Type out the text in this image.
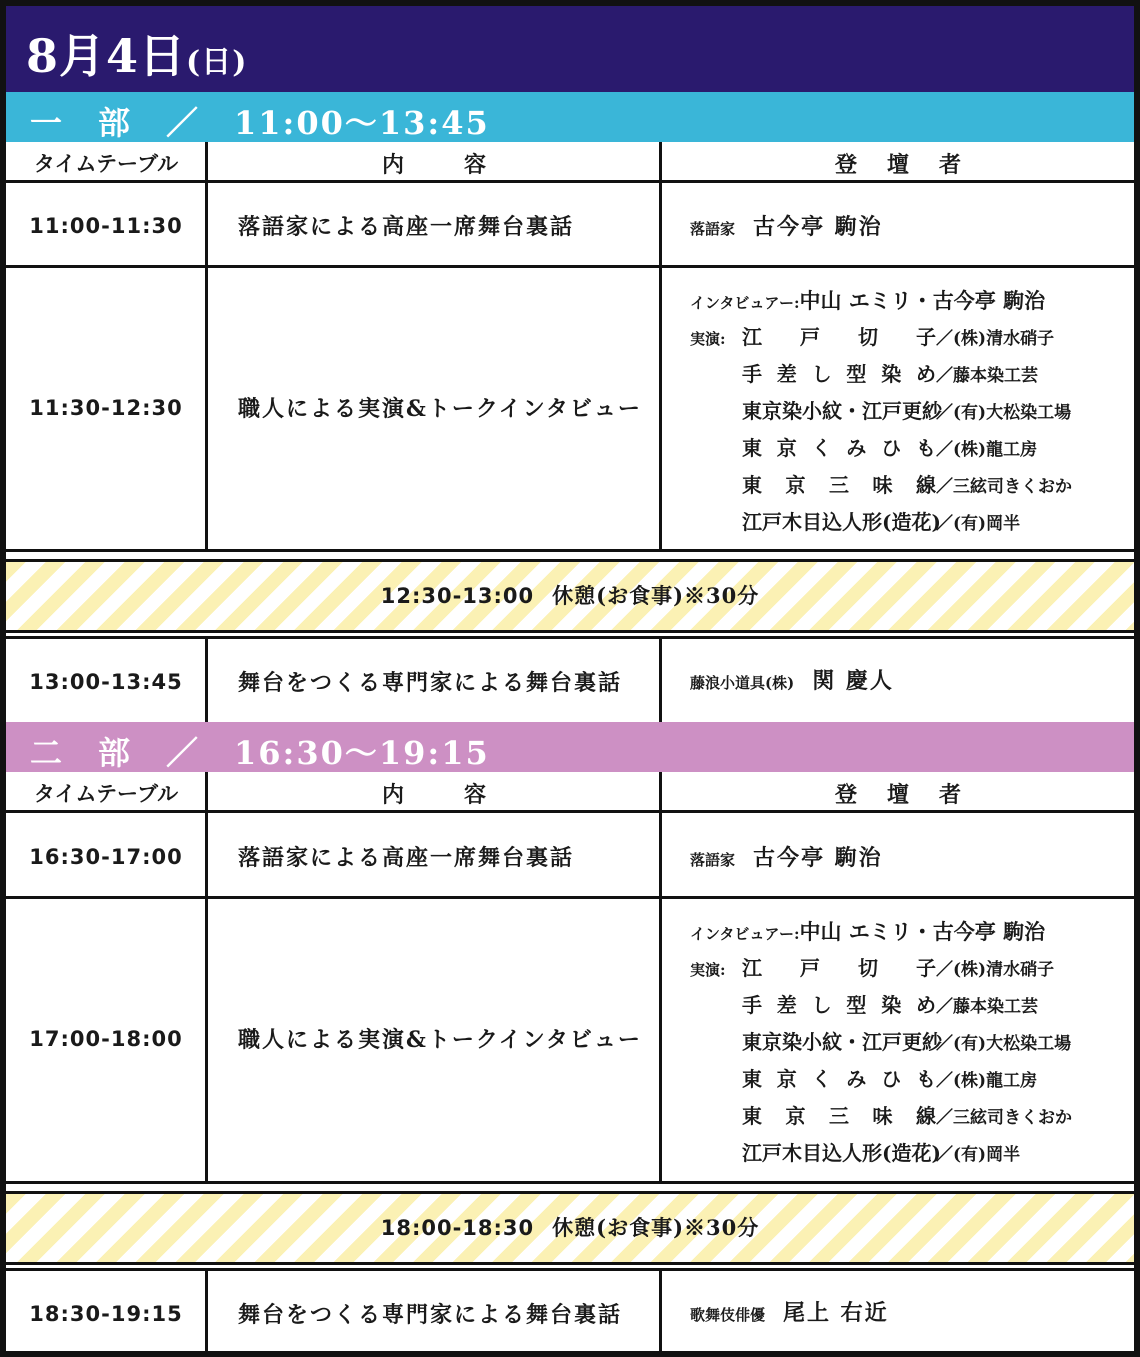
8月4日(日)
一　部　／　11:00〜13:45
タイムテーブル	内容	登壇者
11:00-11:30	落語家による高座一席舞台裏話	落語家 古今亭 駒治
11:30-12:30	職人による実演&トークインタビュー
インタビュアー:中山 エミリ・古今亭 駒治
実演: 江戸切子／(株)清水硝子
手差し型染め／藤本染工芸
東京染小紋・江戸更紗／(有)大松染工場
東京くみひも／(株)龍工房
東京三味線／三絃司きくおか
江戸木目込人形(造花)／(有)岡半
12:30-13:00 休憩(お食事)※30分
13:00-13:45	舞台をつくる専門家による舞台裏話	藤浪小道具(株) 関 慶人
二　部　／　16:30〜19:15
タイムテーブル	内容	登壇者
16:30-17:00	落語家による高座一席舞台裏話	落語家 古今亭 駒治
17:00-18:00	職人による実演&トークインタビュー
インタビュアー:中山 エミリ・古今亭 駒治
実演: 江戸切子／(株)清水硝子
手差し型染め／藤本染工芸
東京染小紋・江戸更紗／(有)大松染工場
東京くみひも／(株)龍工房
東京三味線／三絃司きくおか
江戸木目込人形(造花)／(有)岡半
18:00-18:30 休憩(お食事)※30分
18:30-19:15	舞台をつくる専門家による舞台裏話	歌舞伎俳優 尾上 右近
